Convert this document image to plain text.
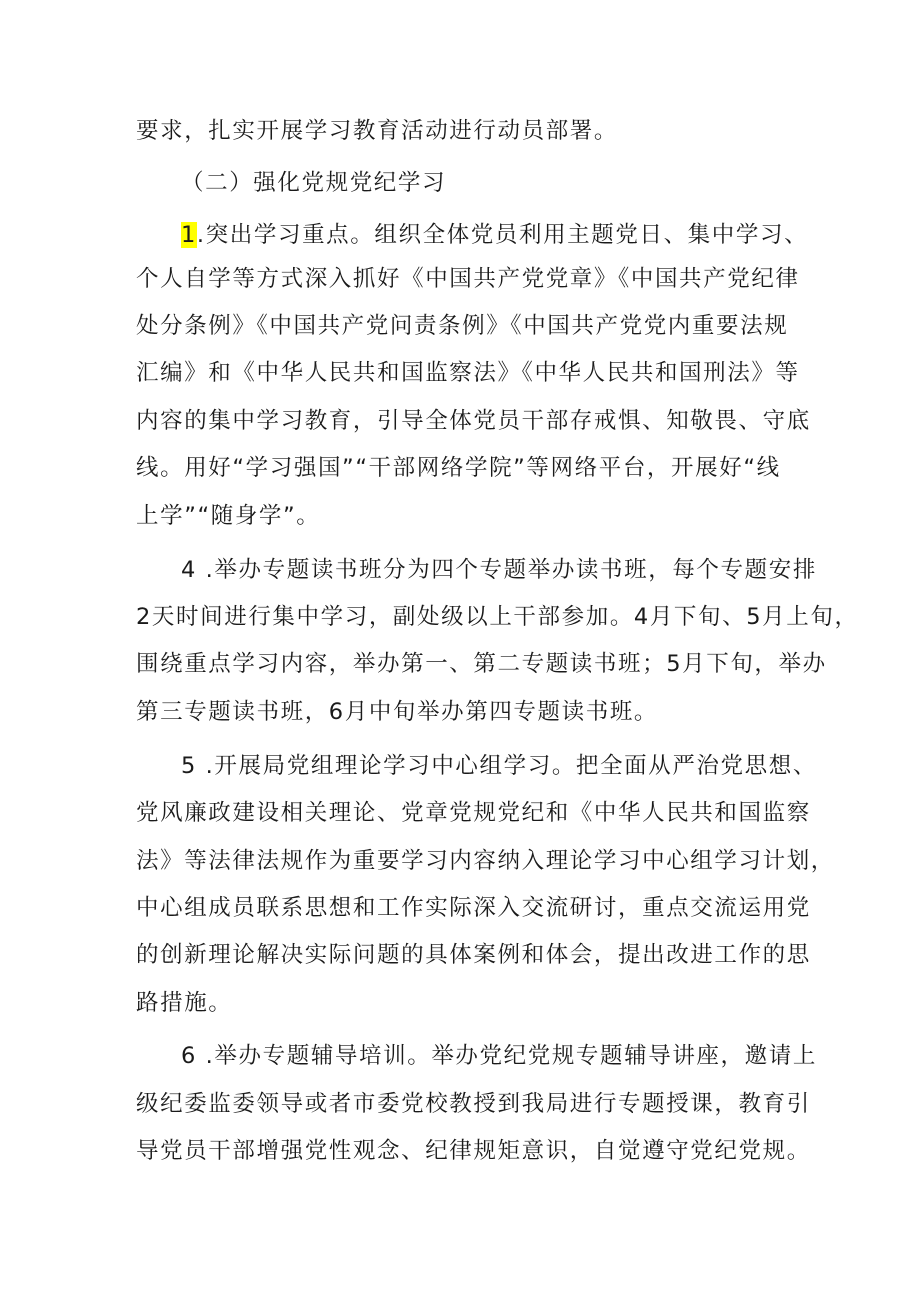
要求，扎实开展学习教育活动进行动员部署。
（二）强化党规党纪学习
1.突出学习重点。组织全体党员利用主题党日、集中学习、
个人自学等方式深入抓好《中国共产党党章》《中国共产党纪律
处分条例》《中国共产党问责条例》《中国共产党党内重要法规
汇编》和《中华人民共和国监察法》《中华人民共和国刑法》等
内容的集中学习教育，引导全体党员干部存戒惧、知敬畏、守底
线。用好“学习强国”“干部网络学院”等网络平台，开展好“线
上学”“随身学”。
4 .举办专题读书班分为四个专题举办读书班，每个专题安排
2天时间进行集中学习，副处级以上干部参加。4月下旬、5月上旬，
围绕重点学习内容，举办第一、第二专题读书班；5月下旬，举办
第三专题读书班，6月中旬举办第四专题读书班。
5 .开展局党组理论学习中心组学习。把全面从严治党思想、
党风廉政建设相关理论、党章党规党纪和《中华人民共和国监察
法》等法律法规作为重要学习内容纳入理论学习中心组学习计划，
中心组成员联系思想和工作实际深入交流研讨，重点交流运用党
的创新理论解决实际问题的具体案例和体会，提出改进工作的思
路措施。
6 .举办专题辅导培训。举办党纪党规专题辅导讲座，邀请上
级纪委监委领导或者市委党校教授到我局进行专题授课，教育引
导党员干部增强党性观念、纪律规矩意识，自觉遵守党纪党规。
